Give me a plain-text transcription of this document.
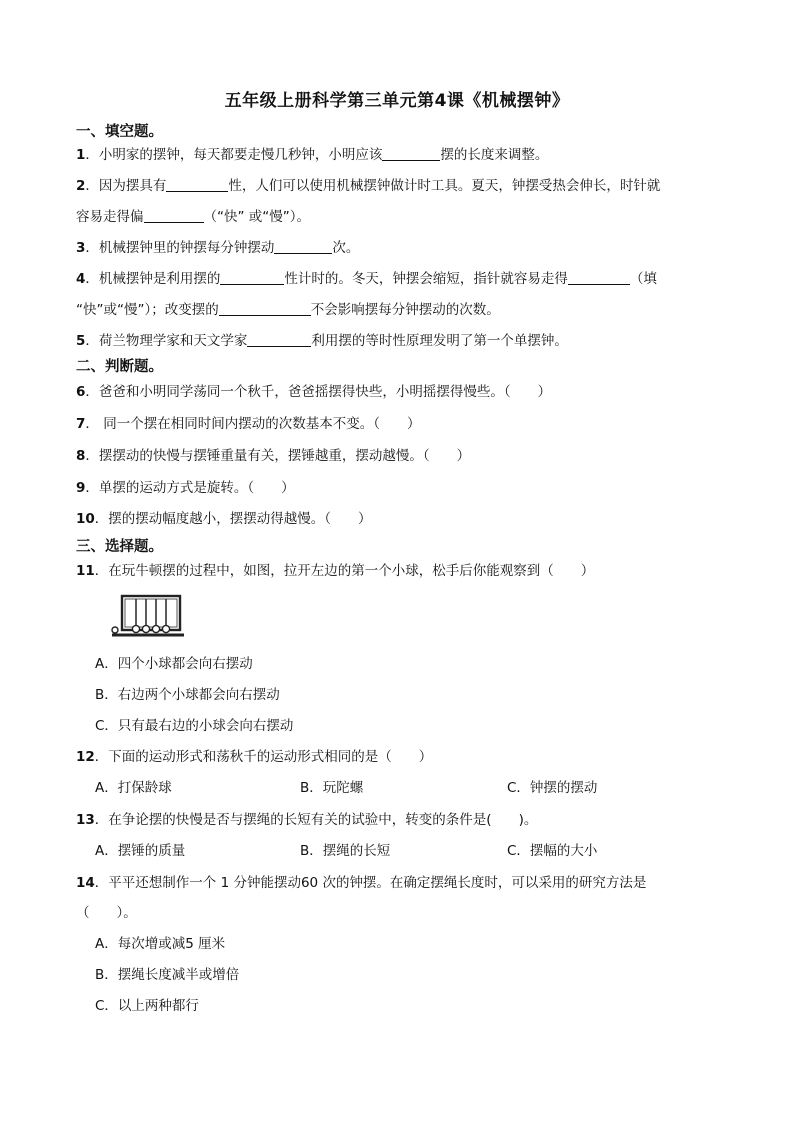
五年级上册科学第三单元第4课《机械摆钟》
一、填空题。
1．小明家的摆钟，每天都要走慢几秒钟，小明应该	摆的长度来调整。
2．因为摆具有	性，人们可以使用机械摆钟做计时工具。夏天，钟摆受热会伸长，时针就
容易走得偏	（“快” 或“慢”）。
3．机械摆钟里的钟摆每分钟摆动	次。
4．机械摆钟是利用摆的	性计时的。冬天，钟摆会缩短，指针就容易走得	（填
“快”或“慢”）；改变摆的	不会影响摆每分钟摆动的次数。
5．荷兰物理学家和天文学家	利用摆的等时性原理发明了第一个单摆钟。
二、判断题。
6．爸爸和小明同学荡同一个秋千，爸爸摇摆得快些，小明摇摆得慢些。（　　）
7． 同一个摆在相同时间内摆动的次数基本不变。（　　）
8．摆摆动的快慢与摆锤重量有关，摆锤越重，摆动越慢。（　　）
9．单摆的运动方式是旋转。（　　）
10．摆的摆动幅度越小，摆摆动得越慢。（　　）
三、选择题。
11．在玩牛顿摆的过程中，如图，拉开左边的第一个小球，松手后你能观察到（　　）
A．四个小球都会向右摆动
B．右边两个小球都会向右摆动
C．只有最右边的小球会向右摆动
12．下面的运动形式和荡秋千的运动形式相同的是（　　）
A．打保龄球	B．玩陀螺	C．钟摆的摆动
13．在争论摆的快慢是否与摆绳的长短有关的试验中，转变的条件是(　　)。
A．摆锤的质量	B．摆绳的长短	C．摆幅的大小
14．平平还想制作一个 1 分钟能摆动60 次的钟摆。在确定摆绳长度时，可以采用的研究方法是
（　　）。
A．每次增或减5 厘米
B．摆绳长度减半或增倍
C．以上两种都行
